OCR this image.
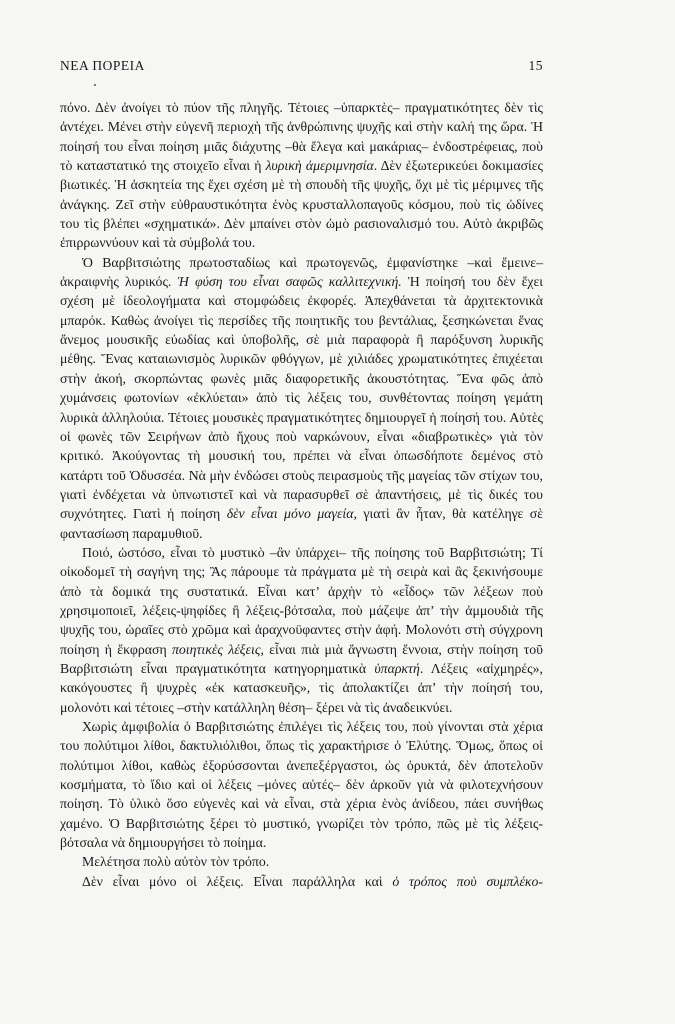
ΝΕΑ ΠΟΡΕΙΑ	15

πόνο. Δὲν ἀνοίγει τὸ πύον τῆς πληγῆς. Τέτοιες –ὑπαρκτὲς– πραγματικότητες δὲν τὶς ἀντέχει. Μένει στὴν εὐγενῆ περιοχὴ τῆς ἀνθρώπινης ψυχῆς καὶ στὴν καλή της ὥρα. Ἡ ποίησή του εἶναι ποίηση μιᾶς διάχυτης –θὰ ἔλεγα καὶ μακάριας– ἐνδοστρέφειας, ποὺ τὸ καταστατικό της στοιχεῖο εἶναι ἡ λυρικὴ ἀμεριμνησία. Δὲν ἐξωτερικεύει δοκιμασίες βιωτικές. Ἡ ἀσκητεία της ἔχει σχέση μὲ τὴ σπουδὴ τῆς ψυχῆς, ὄχι μὲ τὶς μέριμνες τῆς ἀνάγκης. Ζεῖ στὴν εὐθραυστικότητα ἑνὸς κρυσταλλοπαγοῦς κόσμου, ποὺ τὶς ὠδίνες του τὶς βλέπει «σχηματικά». Δὲν μπαίνει στὸν ὠμὸ ρασιοναλισμό του. Αὐτὸ ἀκριβῶς ἐπιρρωννύουν καὶ τὰ σύμβολά του.

Ὁ Βαρβιτσιώτης πρωτοσταδίως καὶ πρωτογενῶς, ἐμφανίστηκε –καὶ ἔμεινε– ἀκραιφνὴς λυρικός. Ἡ φύση του εἶναι σαφῶς καλλιτεχνική. Ἡ ποίησή του δὲν ἔχει σχέση μὲ ἰδεολογήματα καὶ στομφώδεις ἐκφορές. Ἀπεχθάνεται τὰ ἀρχιτεκτονικὰ μπαρόκ. Καθὼς ἀνοίγει τὶς περσίδες τῆς ποιητικῆς του βεντάλιας, ξεσηκώνεται ἕνας ἄνεμος μουσικῆς εὐωδίας καὶ ὑποβολῆς, σὲ μιὰ παραφορὰ ἢ παρόξυνση λυρικῆς μέθης. Ἕνας καταιωνισμὸς λυρικῶν φθόγγων, μὲ χιλιάδες χρωματικότητες ἐπιχέεται στὴν ἀκοή, σκορπώντας φωνὲς μιᾶς διαφορετικῆς ἀκουστότητας. Ἕνα φῶς ἀπὸ χυμάνσεις φωτονίων «ἐκλύεται» ἀπὸ τὶς λέξεις του, συνθέτοντας ποίηση γεμάτη λυρικὰ ἀλληλούια. Τέτοιες μουσικὲς πραγματικότητες δημιουργεῖ ἡ ποίησή του. Αὐτὲς οἱ φωνὲς τῶν Σειρήνων ἀπὸ ἤχους ποὺ ναρκώνουν, εἶναι «διαβρωτικὲς» γιὰ τὸν κριτικό. Ἀκούγοντας τὴ μουσική του, πρέπει νὰ εἶναι ὁπωσδήποτε δεμένος στὸ κατάρτι τοῦ Ὀδυσσέα. Νὰ μὴν ἐνδώσει στοὺς πειρασμοὺς τῆς μαγείας τῶν στίχων του, γιατὶ ἐνδέχεται νὰ ὑπνωτιστεῖ καὶ νὰ παρασυρθεῖ σὲ ἀπαντήσεις, μὲ τὶς δικές του συχνότητες. Γιατὶ ἡ ποίηση δὲν εἶναι μόνο μαγεία, γιατὶ ἂν ἦταν, θὰ κατέληγε σὲ φαντασίωση παραμυθιοῦ.

Ποιό, ὡστόσο, εἶναι τὸ μυστικὸ –ἂν ὑπάρχει– τῆς ποίησης τοῦ Βαρβιτσιώτη; Τί οἰκοδομεῖ τὴ σαγήνη της; Ἂς πάρουμε τὰ πράγματα μὲ τὴ σειρὰ καὶ ἂς ξεκινήσουμε ἀπὸ τὰ δομικά της συστατικά. Εἶναι κατ’ ἀρχὴν τὸ «εἶδος» τῶν λέξεων ποὺ χρησιμοποιεῖ, λέξεις-ψηφίδες ἢ λέξεις-βότσαλα, ποὺ μάζεψε ἀπ’ τὴν ἀμμουδιὰ τῆς ψυχῆς του, ὡραῖες στὸ χρῶμα καὶ ἀραχνοϋφαντες στὴν ἀφή. Μολονότι στὴ σύγχρονη ποίηση ἡ ἔκφραση ποιητικὲς λέξεις, εἶναι πιὰ μιὰ ἄγνωστη ἔννοια, στὴν ποίηση τοῦ Βαρβιτσιώτη εἶναι πραγματικότητα κατηγορηματικὰ ὑπαρκτή. Λέξεις «αἰχμηρές», κακόγουστες ἢ ψυχρὲς «ἐκ κατασκευῆς», τὶς ἀπολακτίζει ἀπ’ τὴν ποίησή του, μολονότι καὶ τέτοιες –στὴν κατάλληλη θέση– ξέρει νὰ τὶς ἀναδεικνύει.

Χωρὶς ἀμφιβολία ὁ Βαρβιτσιώτης ἐπιλέγει τὶς λέξεις του, ποὺ γίνονται στὰ χέρια του πολύτιμοι λίθοι, δακτυλιόλιθοι, ὅπως τὶς χαρακτήρισε ὁ Ἐλύτης. Ὅμως, ὅπως οἱ πολύτιμοι λίθοι, καθὼς ἐξορύσσονται ἀνεπεξέργαστοι, ὡς ὀρυκτά, δὲν ἀποτελοῦν κοσμήματα, τὸ ἴδιο καὶ οἱ λέξεις –μόνες αὐτές– δὲν ἀρκοῦν γιὰ νὰ φιλοτεχνήσουν ποίηση. Τὸ ὑλικὸ ὅσο εὐγενὲς καὶ νὰ εἶναι, στὰ χέρια ἑνὸς ἀνίδεου, πάει συνήθως χαμένο. Ὁ Βαρβιτσιώτης ξέρει τὸ μυστικό, γνωρίζει τὸν τρόπο, πῶς μὲ τὶς λέξεις-βότσαλα νὰ δημιουργήσει τὸ ποίημα.

Μελέτησα πολὺ αὐτὸν τὸν τρόπο.

Δὲν εἶναι μόνο οἱ λέξεις. Εἶναι παράλληλα καὶ ὁ τρόπος ποὺ συμπλέκο-
